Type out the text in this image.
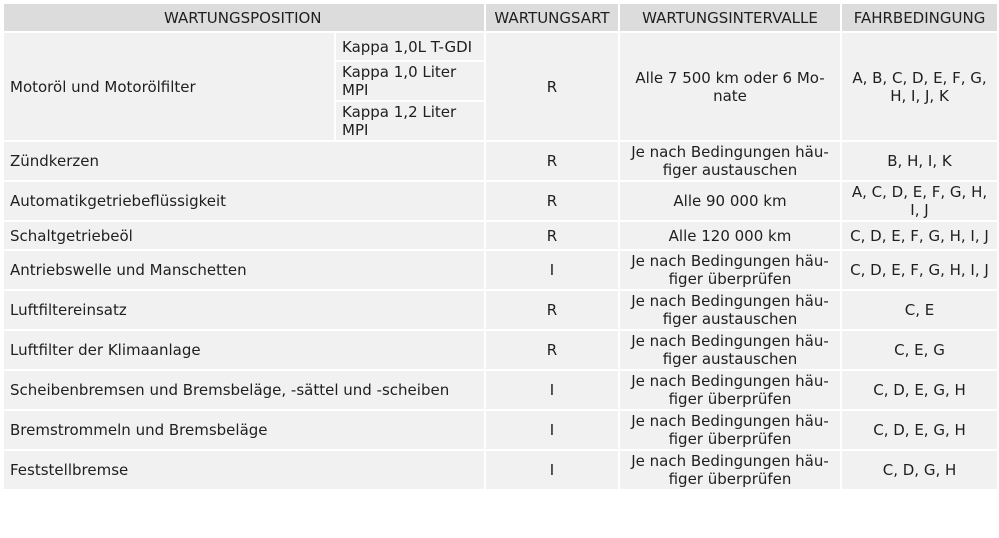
WARTUNGSPOSITION		WARTUNGSART	WARTUNGSINTERVALLE	FAHRBEDINGUNG
Motoröl und Motorölfilter	Kappa 1,0L T-GDI	R	Alle 7 500 km oder 6 Mo- nate	A, B, C, D, E, F, G, H, I, J, K
	Kappa 1,0 Liter MPI			
	Kappa 1,2 Liter MPI			
Zündkerzen		R	Je nach Bedingungen häu- figer austauschen	B, H, I, K
Automatikgetriebeflüssigkeit		R	Alle 90 000 km	A, C, D, E, F, G, H, I, J
Schaltgetriebeöl		R	Alle 120 000 km	C, D, E, F, G, H, I, J
Antriebswelle und Manschetten		I	Je nach Bedingungen häu- figer überprüfen	C, D, E, F, G, H, I, J
Luftfiltereinsatz		R	Je nach Bedingungen häu- figer austauschen	C, E
Luftfilter der Klimaanlage		R	Je nach Bedingungen häu- figer austauschen	C, E, G
Scheibenbremsen und Bremsbeläge, -sättel und -scheiben		I	Je nach Bedingungen häu- figer überprüfen	C, D, E, G, H
Bremstrommeln und Bremsbeläge		I	Je nach Bedingungen häu- figer überprüfen	C, D, E, G, H
Feststellbremse		I	Je nach Bedingungen häu- figer überprüfen	C, D, G, H
